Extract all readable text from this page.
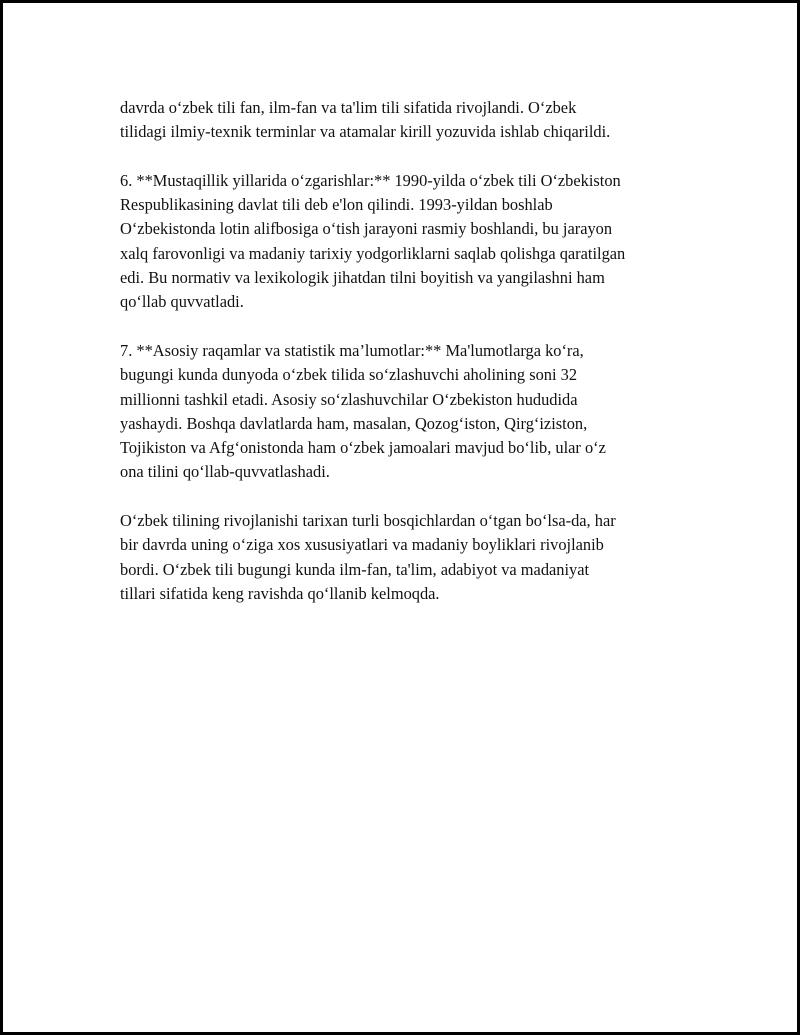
davrda o‘zbek tili fan, ilm-fan va ta'lim tili sifatida rivojlandi. O‘zbek
tilidagi ilmiy-texnik terminlar va atamalar kirill yozuvida ishlab chiqarildi.

6. **Mustaqillik yillarida o‘zgarishlar:** 1990-yilda o‘zbek tili O‘zbekiston
Respublikasining davlat tili deb e'lon qilindi. 1993-yildan boshlab
O‘zbekistonda lotin alifbosiga o‘tish jarayoni rasmiy boshlandi, bu jarayon
xalq farovonligi va madaniy tarixiy yodgorliklarni saqlab qolishga qaratilgan
edi. Bu normativ va lexikologik jihatdan tilni boyitish va yangilashni ham
qo‘llab quvvatladi.

7. **Asosiy raqamlar va statistik ma’lumotlar:** Ma'lumotlarga ko‘ra,
bugungi kunda dunyoda o‘zbek tilida so‘zlashuvchi aholining soni 32
millionni tashkil etadi. Asosiy so‘zlashuvchilar O‘zbekiston hududida
yashaydi. Boshqa davlatlarda ham, masalan, Qozog‘iston, Qirg‘iziston,
Tojikiston va Afg‘onistonda ham o‘zbek jamoalari mavjud bo‘lib, ular o‘z
ona tilini qo‘llab-quvvatlashadi.

O‘zbek tilining rivojlanishi tarixan turli bosqichlardan o‘tgan bo‘lsa-da, har
bir davrda uning o‘ziga xos xususiyatlari va madaniy boyliklari rivojlanib
bordi. O‘zbek tili bugungi kunda ilm-fan, ta'lim, adabiyot va madaniyat
tillari sifatida keng ravishda qo‘llanib kelmoqda.
